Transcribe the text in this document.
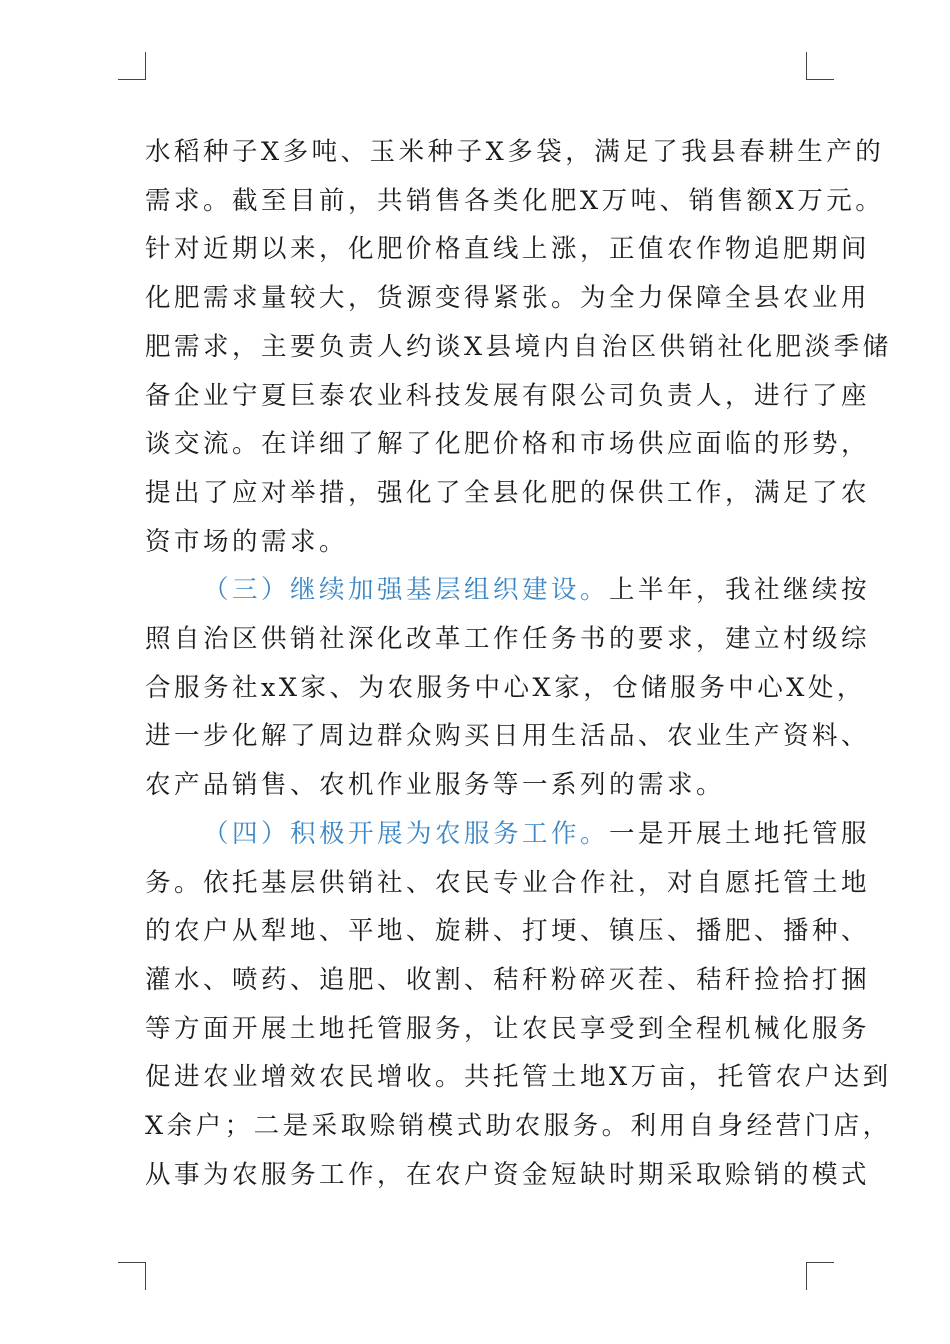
水稻种子X多吨、玉米种子X多袋，满足了我县春耕生产的
需求。截至目前，共销售各类化肥X万吨、销售额X万元。
针对近期以来，化肥价格直线上涨，正值农作物追肥期间
化肥需求量较大，货源变得紧张。为全力保障全县农业用
肥需求，主要负责人约谈X县境内自治区供销社化肥淡季储
备企业宁夏巨泰农业科技发展有限公司负责人，进行了座
谈交流。在详细了解了化肥价格和市场供应面临的形势，
提出了应对举措，强化了全县化肥的保供工作，满足了农
资市场的需求。
（三）继续加强基层组织建设。上半年，我社继续按
照自治区供销社深化改革工作任务书的要求，建立村级综
合服务社xX家、为农服务中心X家，仓储服务中心X处，
进一步化解了周边群众购买日用生活品、农业生产资料、
农产品销售、农机作业服务等一系列的需求。
（四）积极开展为农服务工作。一是开展土地托管服
务。依托基层供销社、农民专业合作社，对自愿托管土地
的农户从犁地、平地、旋耕、打埂、镇压、播肥、播种、
灌水、喷药、追肥、收割、秸秆粉碎灭茬、秸秆捡拾打捆
等方面开展土地托管服务，让农民享受到全程机械化服务
促进农业增效农民增收。共托管土地X万亩，托管农户达到
X余户；二是采取赊销模式助农服务。利用自身经营门店，
从事为农服务工作，在农户资金短缺时期采取赊销的模式
